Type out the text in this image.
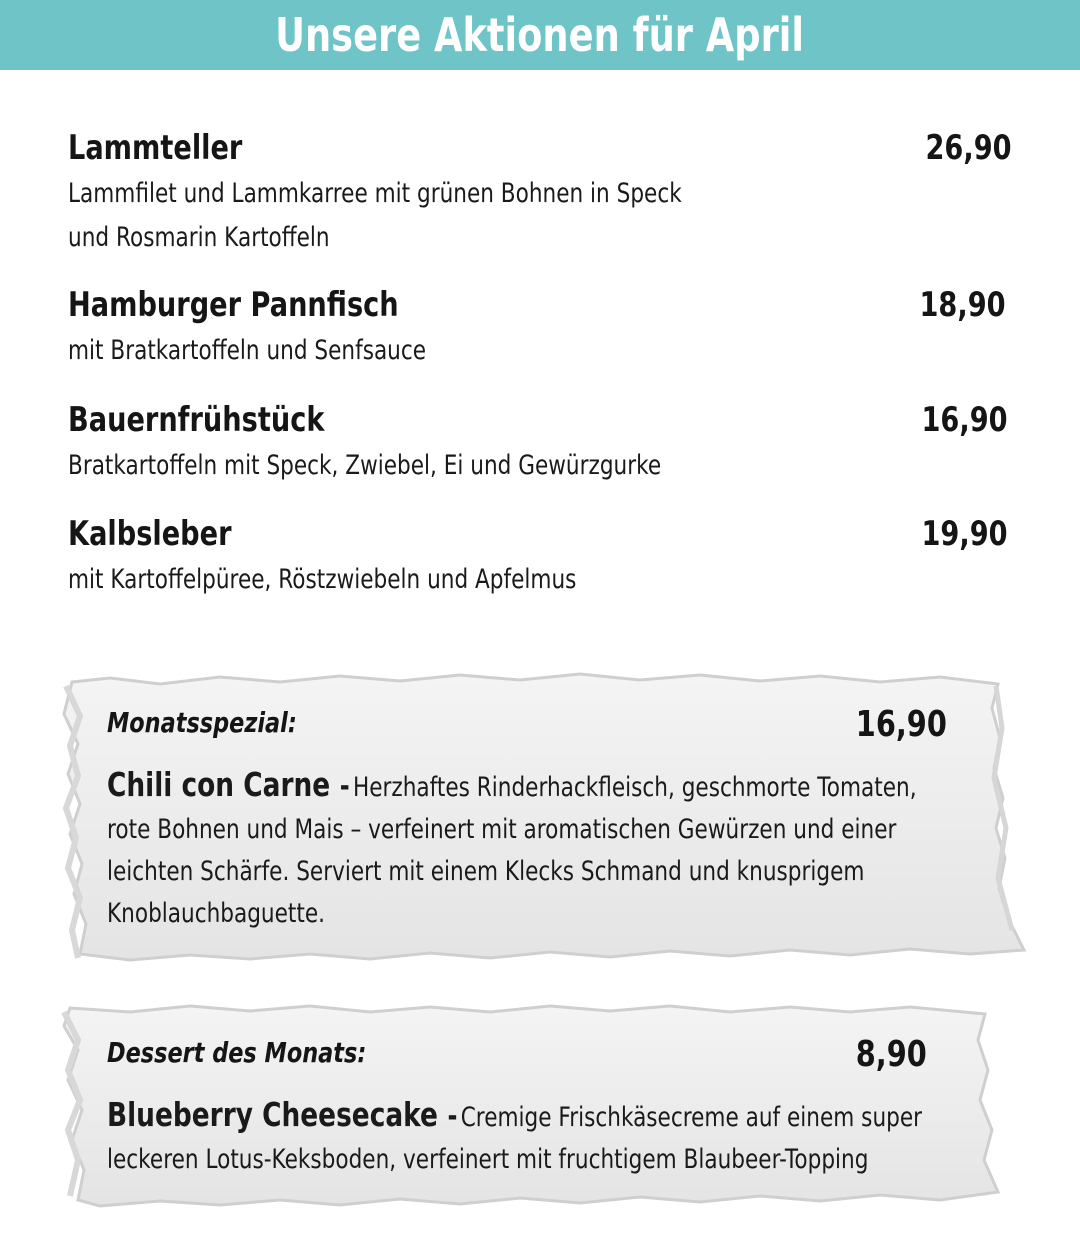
Unsere Aktionen für April
Lammteller	26,90
Lammfilet und Lammkarree mit grünen Bohnen in Speck
und Rosmarin Kartoffeln
Hamburger Pannfisch	18,90
mit Bratkartoffeln und Senfsauce
Bauernfrühstück	16,90
Bratkartoffeln mit Speck, Zwiebel, Ei und Gewürzgurke
Kalbsleber	19,90
mit Kartoffelpüree, Röstzwiebeln und Apfelmus
Monatsspezial:	16,90
Chili con Carne - Herzhaftes Rinderhackfleisch, geschmorte Tomaten,
rote Bohnen und Mais – verfeinert mit aromatischen Gewürzen und einer
leichten Schärfe. Serviert mit einem Klecks Schmand und knusprigem
Knoblauchbaguette.
Dessert des Monats:	8,90
Blueberry Cheesecake - Cremige Frischkäsecreme auf einem super
leckeren Lotus-Keksboden, verfeinert mit fruchtigem Blaubeer-Topping
